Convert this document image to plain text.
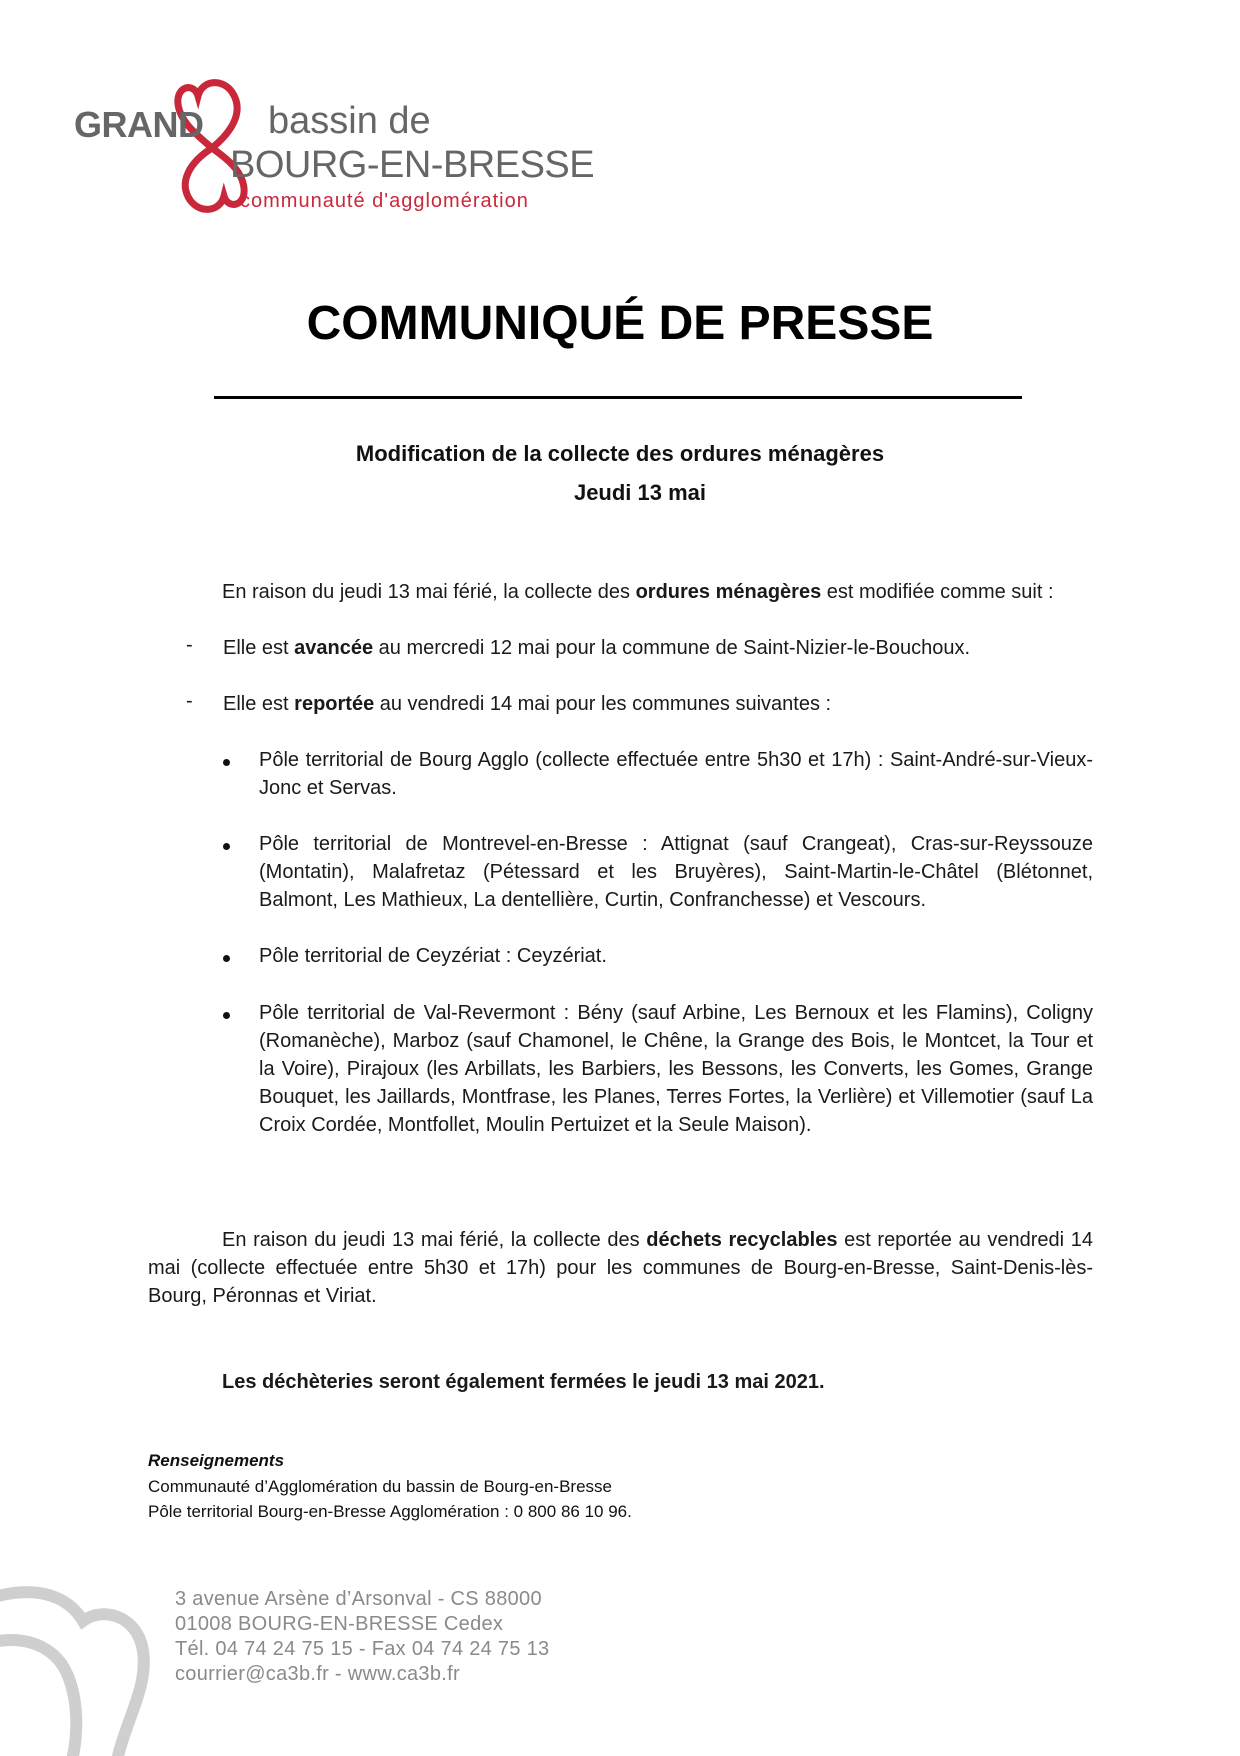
GRAND bassin de
BOURG-EN-BRESSE
communauté d'agglomération
COMMUNIQUÉ DE PRESSE
Modification de la collecte des ordures ménagères
Jeudi 13 mai
En raison du jeudi 13 mai férié, la collecte des ordures ménagères est modifiée comme suit :
- Elle est avancée au mercredi 12 mai pour la commune de Saint-Nizier-le-Bouchoux.
- Elle est reportée au vendredi 14 mai pour les communes suivantes :
Pôle territorial de Bourg Agglo (collecte effectuée entre 5h30 et 17h) : Saint-André-sur-Vieux-Jonc et Servas.
Pôle territorial de Montrevel-en-Bresse : Attignat (sauf Crangeat), Cras-sur-Reyssouze (Montatin), Malafretaz (Pétessard et les Bruyères), Saint-Martin-le-Châtel (Blétonnet, Balmont, Les Mathieux, La dentellière, Curtin, Confranchesse) et Vescours.
Pôle territorial de Ceyzériat : Ceyzériat.
Pôle territorial de Val-Revermont : Bény (sauf Arbine, Les Bernoux et les Flamins), Coligny (Romanèche), Marboz (sauf Chamonel, le Chêne, la Grange des Bois, le Montcet, la Tour et la Voire), Pirajoux (les Arbillats, les Barbiers, les Bessons, les Converts, les Gomes, Grange Bouquet, les Jaillards, Montfrase, les Planes, Terres Fortes, la Verlière) et Villemotier (sauf La Croix Cordée, Montfollet, Moulin Pertuizet et la Seule Maison).
En raison du jeudi 13 mai férié, la collecte des déchets recyclables est reportée au vendredi 14 mai (collecte effectuée entre 5h30 et 17h) pour les communes de Bourg-en-Bresse, Saint-Denis-lès-Bourg, Péronnas et Viriat.
Les déchèteries seront également fermées le jeudi 13 mai 2021.
Renseignements
Communauté d’Agglomération du bassin de Bourg-en-Bresse
Pôle territorial Bourg-en-Bresse Agglomération : 0 800 86 10 96.
3 avenue Arsène d’Arsonval - CS 88000
01008 BOURG-EN-BRESSE Cedex
Tél. 04 74 24 75 15 - Fax 04 74 24 75 13
courrier@ca3b.fr - www.ca3b.fr
